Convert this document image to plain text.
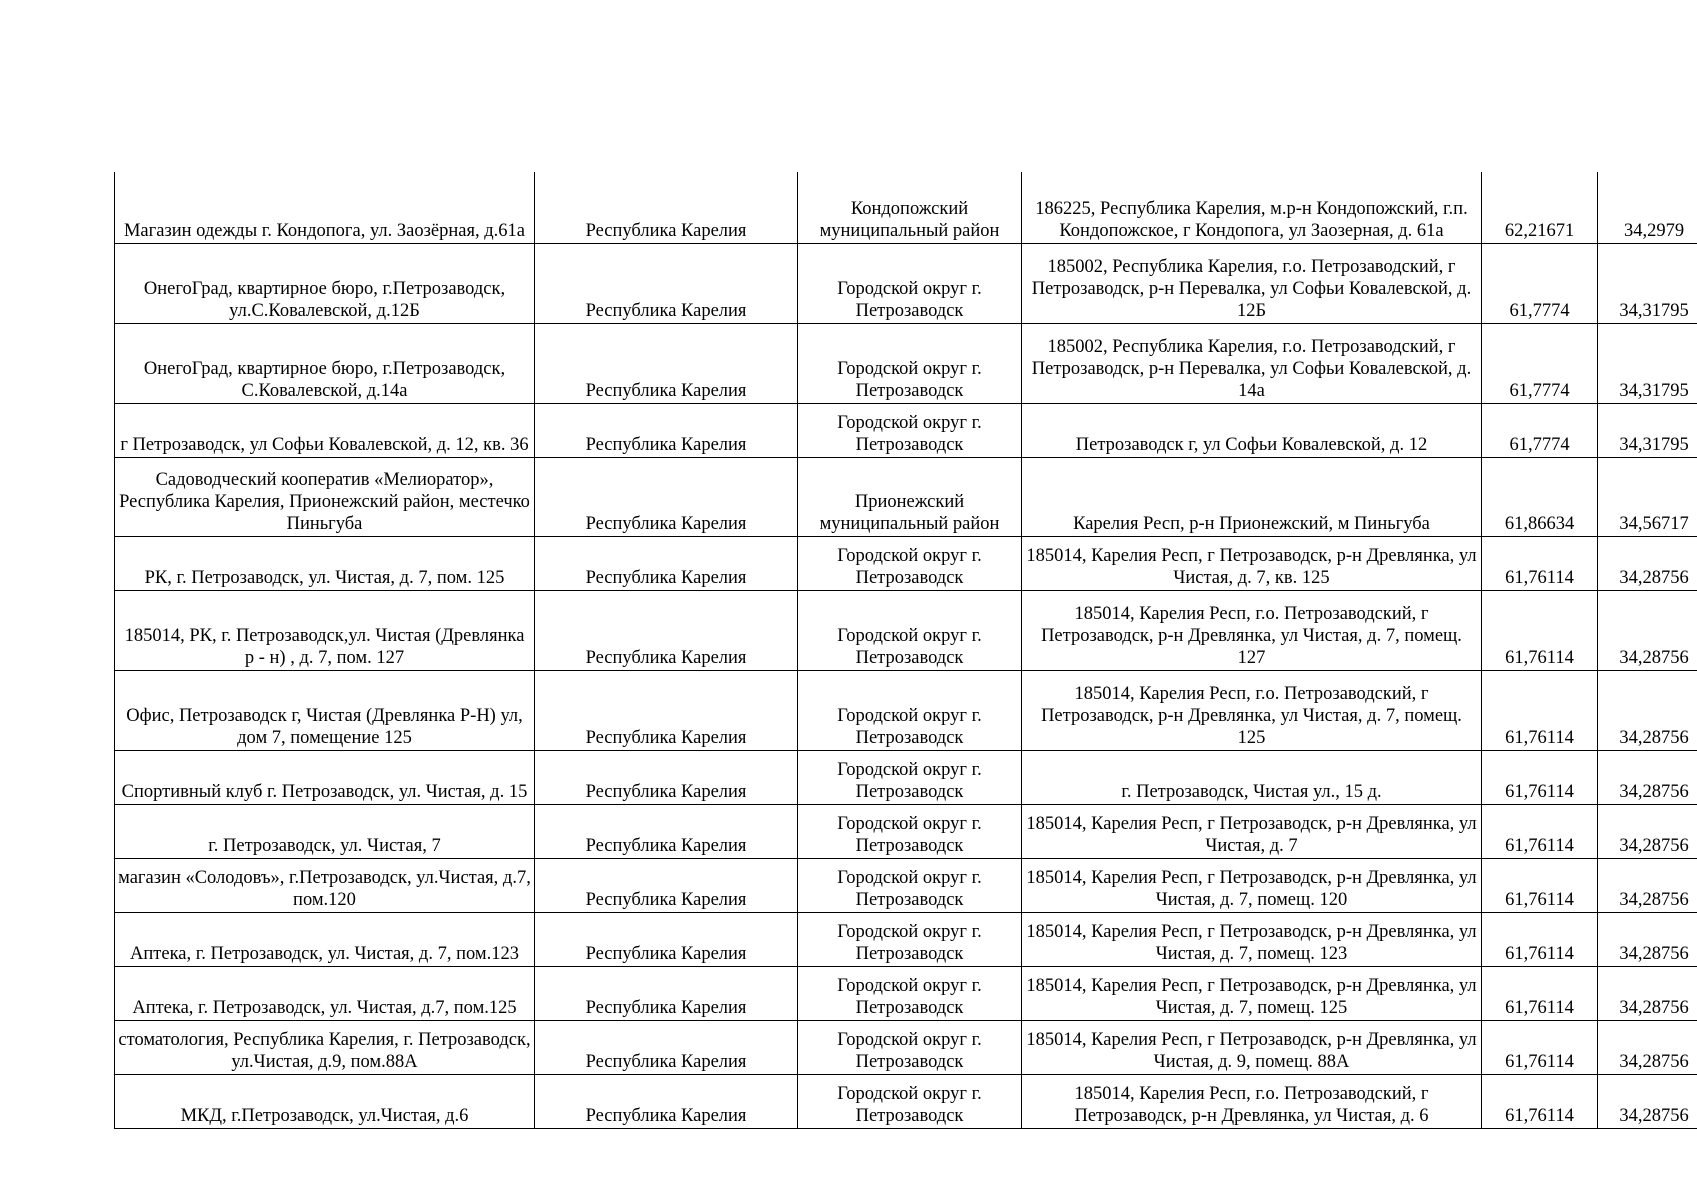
Магазин одежды г. Кондопога, ул. Заозёрная, д.61а	Республика Карелия	Кондопожский муниципальный район	186225, Республика Карелия, м.р-н Кондопожский, г.п. Кондопожское, г Кондопога, ул Заозерная, д. 61а	62,21671	34,2979
ОнегоГрад, квартирное бюро, г.Петрозаводск, ул.С.Ковалевской, д.12Б	Республика Карелия	Городской округ г. Петрозаводск	185002, Республика Карелия, г.о. Петрозаводский, г Петрозаводск, р-н Перевалка, ул Софьи Ковалевской, д. 12Б	61,7774	34,31795
ОнегоГрад, квартирное бюро, г.Петрозаводск, С.Ковалевской, д.14а	Республика Карелия	Городской округ г. Петрозаводск	185002, Республика Карелия, г.о. Петрозаводский, г Петрозаводск, р-н Перевалка, ул Софьи Ковалевской, д. 14а	61,7774	34,31795
г Петрозаводск, ул Софьи Ковалевской, д. 12, кв. 36	Республика Карелия	Городской округ г. Петрозаводск	Петрозаводск г, ул Софьи Ковалевской, д. 12	61,7774	34,31795
Садоводческий кооператив «Мелиоратор», Республика Карелия, Прионежский район, местечко Пиньгуба	Республика Карелия	Прионежский муниципальный район	Карелия Респ, р-н Прионежский, м Пиньгуба	61,86634	34,56717
РК, г. Петрозаводск, ул. Чистая, д. 7, пом. 125	Республика Карелия	Городской округ г. Петрозаводск	185014, Карелия Респ, г Петрозаводск, р-н Древлянка, ул Чистая, д. 7, кв. 125	61,76114	34,28756
185014, РК, г. Петрозаводск,ул. Чистая (Древлянка р - н) , д. 7, пом. 127	Республика Карелия	Городской округ г. Петрозаводск	185014, Карелия Респ, г.о. Петрозаводский, г Петрозаводск, р-н Древлянка, ул Чистая, д. 7, помещ. 127	61,76114	34,28756
Офис, Петрозаводск г, Чистая (Древлянка Р-Н) ул, дом 7, помещение 125	Республика Карелия	Городской округ г. Петрозаводск	185014, Карелия Респ, г.о. Петрозаводский, г Петрозаводск, р-н Древлянка, ул Чистая, д. 7, помещ. 125	61,76114	34,28756
Спортивный клуб г. Петрозаводск, ул. Чистая, д. 15	Республика Карелия	Городской округ г. Петрозаводск	г. Петрозаводск, Чистая ул., 15 д.	61,76114	34,28756
г. Петрозаводск, ул. Чистая, 7	Республика Карелия	Городской округ г. Петрозаводск	185014, Карелия Респ, г Петрозаводск, р-н Древлянка, ул Чистая, д. 7	61,76114	34,28756
магазин «Солодовъ», г.Петрозаводск, ул.Чистая, д.7, пом.120	Республика Карелия	Городской округ г. Петрозаводск	185014, Карелия Респ, г Петрозаводск, р-н Древлянка, ул Чистая, д. 7, помещ. 120	61,76114	34,28756
Аптека, г. Петрозаводск, ул. Чистая, д. 7, пом.123	Республика Карелия	Городской округ г. Петрозаводск	185014, Карелия Респ, г Петрозаводск, р-н Древлянка, ул Чистая, д. 7, помещ. 123	61,76114	34,28756
Аптека, г. Петрозаводск, ул. Чистая, д.7, пом.125	Республика Карелия	Городской округ г. Петрозаводск	185014, Карелия Респ, г Петрозаводск, р-н Древлянка, ул Чистая, д. 7, помещ. 125	61,76114	34,28756
стоматология, Республика Карелия, г. Петрозаводск, ул.Чистая, д.9, пом.88А	Республика Карелия	Городской округ г. Петрозаводск	185014, Карелия Респ, г Петрозаводск, р-н Древлянка, ул Чистая, д. 9, помещ. 88А	61,76114	34,28756
МКД, г.Петрозаводск, ул.Чистая, д.6	Республика Карелия	Городской округ г. Петрозаводск	185014, Карелия Респ, г.о. Петрозаводский, г Петрозаводск, р-н Древлянка, ул Чистая, д. 6	61,76114	34,28756
